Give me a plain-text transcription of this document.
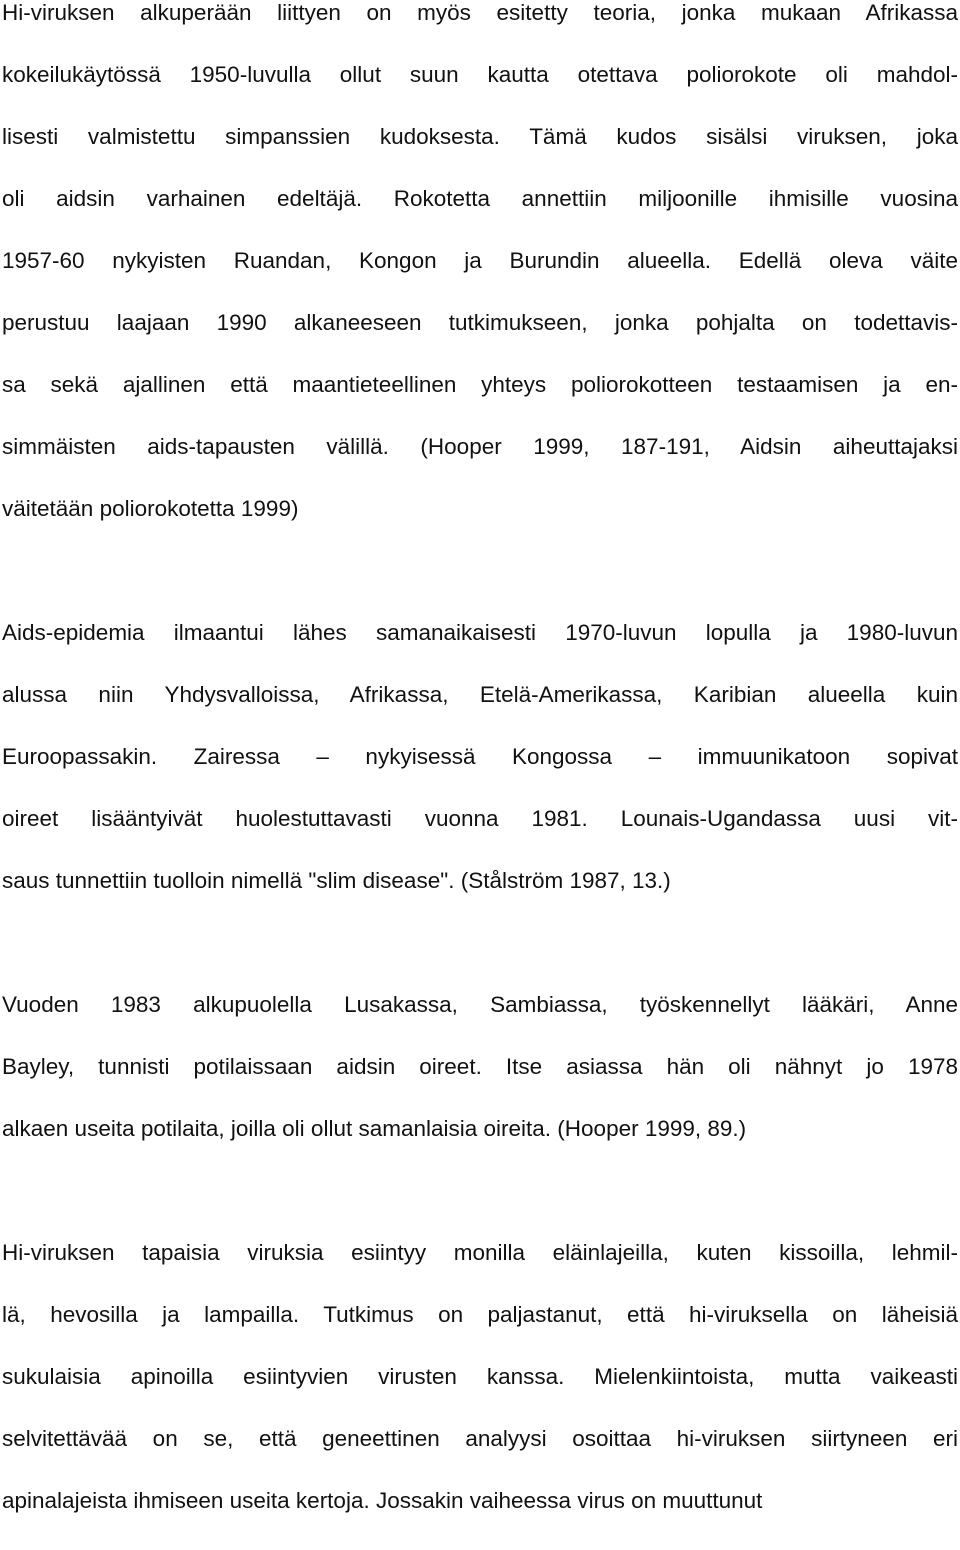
Hi-viruksen alkuperään liittyen on myös esitetty teoria, jonka mukaan Afrikassa
kokeilukäytössä 1950-luvulla ollut suun kautta otettava poliorokote oli mahdol-
lisesti valmistettu simpanssien kudoksesta. Tämä kudos sisälsi viruksen, joka
oli aidsin varhainen edeltäjä. Rokotetta annettiin miljoonille ihmisille vuosina
1957-60 nykyisten Ruandan, Kongon ja Burundin alueella. Edellä oleva väite
perustuu laajaan 1990 alkaneeseen tutkimukseen, jonka pohjalta on todettavis-
sa sekä ajallinen että maantieteellinen yhteys poliorokotteen testaamisen ja en-
simmäisten aids-tapausten välillä. (Hooper 1999, 187-191, Aidsin aiheuttajaksi
väitetään poliorokotetta 1999)
Aids-epidemia ilmaantui lähes samanaikaisesti 1970-luvun lopulla ja 1980-luvun
alussa niin Yhdysvalloissa, Afrikassa, Etelä-Amerikassa, Karibian alueella kuin
Euroopassakin. Zairessa – nykyisessä Kongossa – immuunikatoon sopivat
oireet lisääntyivät huolestuttavasti vuonna 1981. Lounais-Ugandassa uusi vit-
saus tunnettiin tuolloin nimellä "slim disease". (Stålström 1987, 13.)
Vuoden 1983 alkupuolella Lusakassa, Sambiassa, työskennellyt lääkäri, Anne
Bayley, tunnisti potilaissaan aidsin oireet. Itse asiassa hän oli nähnyt jo 1978
alkaen useita potilaita, joilla oli ollut samanlaisia oireita. (Hooper 1999, 89.)
Hi-viruksen tapaisia viruksia esiintyy monilla eläinlajeilla, kuten kissoilla, lehmil-
lä, hevosilla ja lampailla. Tutkimus on paljastanut, että hi-viruksella on läheisiä
sukulaisia apinoilla esiintyvien virusten kanssa. Mielenkiintoista, mutta vaikeasti
selvitettävää on se, että geneettinen analyysi osoittaa hi-viruksen siirtyneen eri
apinalajeista ihmiseen useita kertoja. Jossakin vaiheessa virus on muuttunut
